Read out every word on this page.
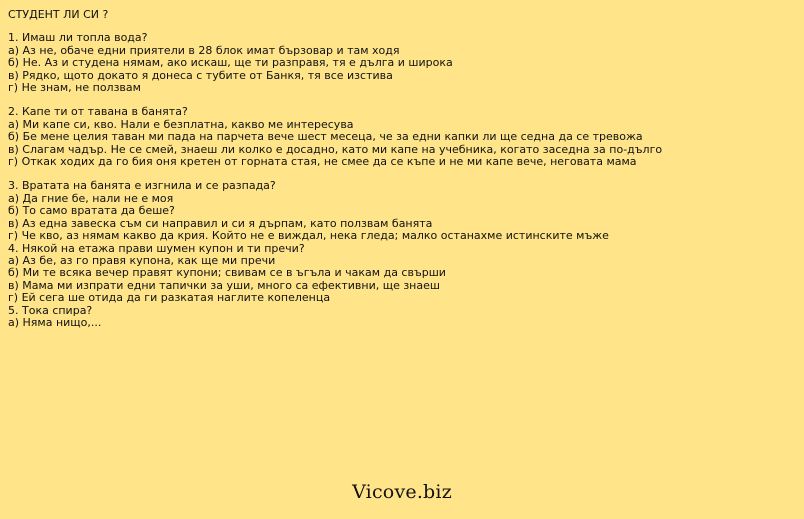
СТУДЕНТ ЛИ СИ ?

1. Имаш ли топла вода?

а) Аз не, обаче едни приятели в 28 блок имат бързовар и там ходя

б) Не. Аз и студена нямам, ако искаш, ще ти разправя, тя е дълга и широка

в) Рядко, щото докато я донеса с тубите от Банкя, тя все изстива

г) Не знам, не ползвам

2. Капе ти от тавана в банята?

а) Ми капе си, кво. Нали е безплатна, какво ме интересува

б) Бе мене целия таван ми пада на парчета вече шест месеца, че за едни капки ли ще седна да се тревожа

в) Слагам чадър. Не се смей, знаеш ли колко е досадно, като ми капе на учебника, когато заседна за по-дълго

г) Откак ходих да го бия оня кретен от горната стая, не смее да се къпе и не ми капе вече, неговата мама

3. Вратата на банята е изгнила и се разпада?

а) Да гние бе, нали не е моя

б) То само вратата да беше?

в) Аз една завеска съм си направил и си я дърпам, като ползвам банята

г) Че кво, аз нямам какво да крия. Който не е виждал, нека гледа; малко останахме истинските мъже

4. Някой на етажа прави шумен купон и ти пречи?

а) Аз бе, аз го правя купона, как ще ми пречи

б) Ми те всяка вечер правят купони; свивам се в ъгъла и чакам да свърши

в) Мама ми изпрати едни тапички за уши, много са ефективни, ще знаеш

г) Ей сега ше отида да ги разкатая наглите копеленца

5. Тока спира?

а) Няма нищо,...

Vicove.biz
